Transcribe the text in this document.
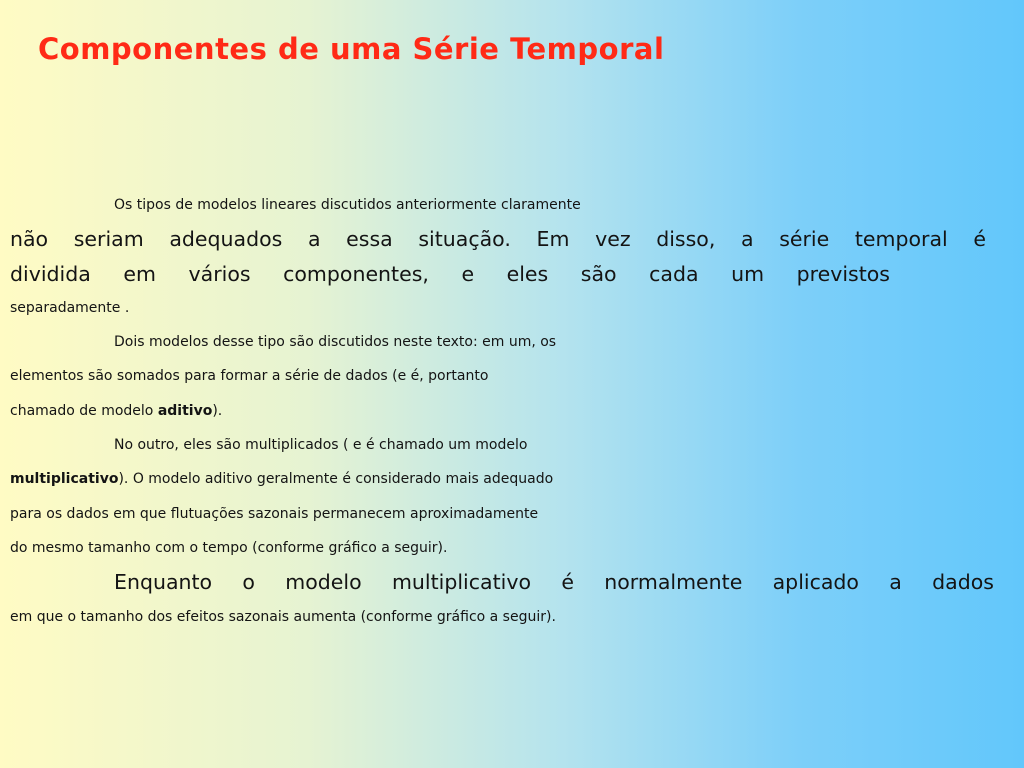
Componentes de uma Série Temporal
Os tipos de modelos lineares discutidos anteriormente claramente
não seriam adequados a essa situação. Em vez disso, a série temporal é
dividida em vários componentes, e eles são cada um previstos
separadamente .
Dois modelos desse tipo são discutidos neste texto: em um, os
elementos são somados para formar a série de dados (e é, portanto
chamado de modelo aditivo).
No outro, eles são multiplicados ( e é chamado um modelo
multiplicativo). O modelo aditivo geralmente é considerado mais adequado
para os dados em que flutuações sazonais permanecem aproximadamente
do mesmo tamanho com o tempo (conforme gráfico a seguir).
Enquanto o modelo multiplicativo é normalmente aplicado a dados
em que o tamanho dos efeitos sazonais aumenta (conforme gráfico a seguir).
